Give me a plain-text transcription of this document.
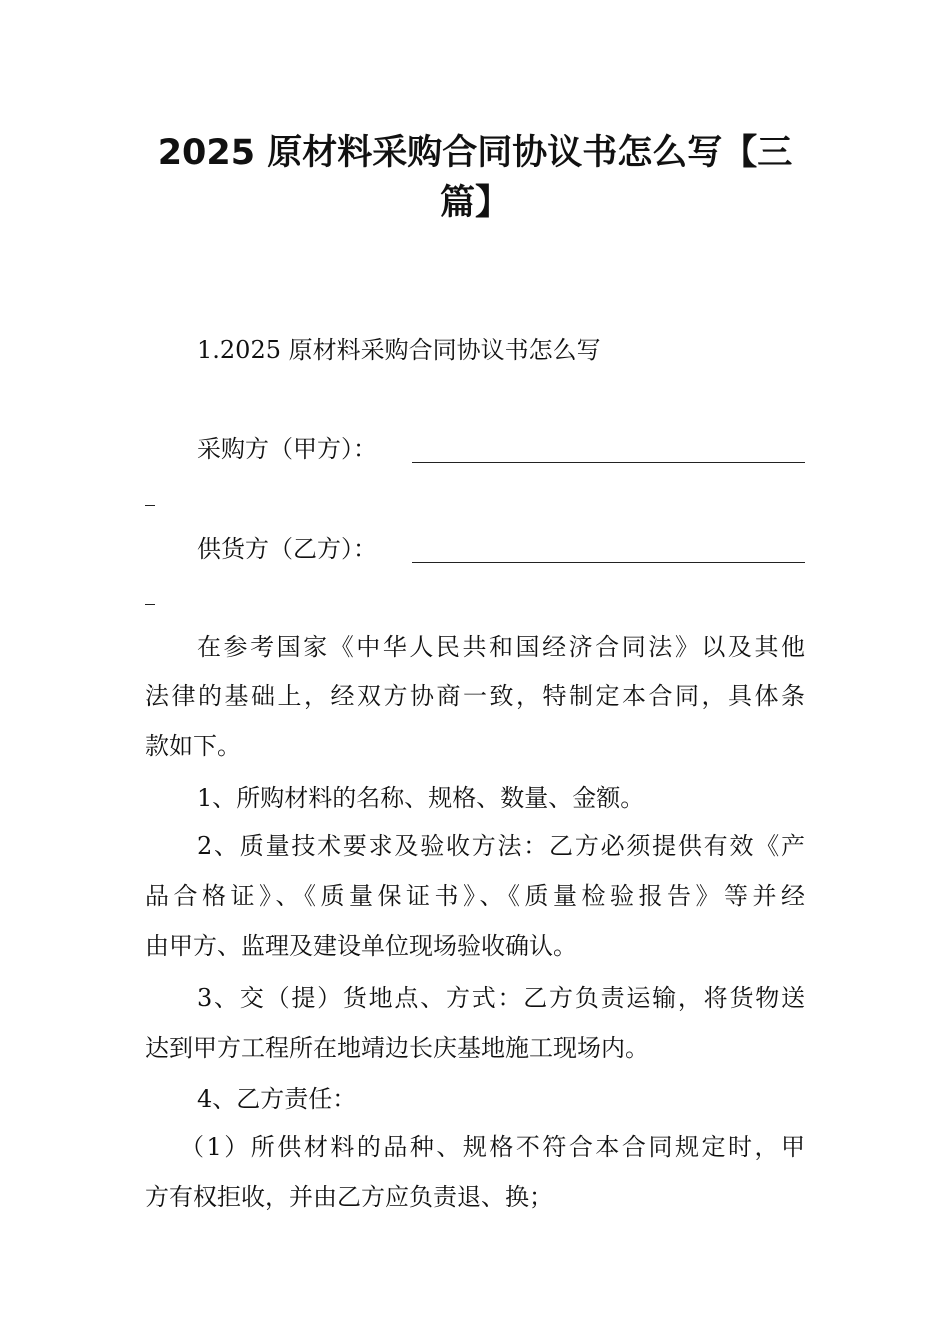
2025 原材料采购合同协议书怎么写【三
篇】
1.2025 原材料采购合同协议书怎么写
采购方（甲方）：
供货方（乙方）：
在参考国家《中华人民共和国经济合同法》以及其他
法律的基础上，经双方协商一致，特制定本合同，具体条
款如下。
1、所购材料的名称、规格、数量、金额。
2、质量技术要求及验收方法：乙方必须提供有效《产
品合格证》、《质量保证书》、《质量检验报告》等并经
由甲方、监理及建设单位现场验收确认。
3、交（提）货地点、方式：乙方负责运输，将货物送
达到甲方工程所在地靖边长庆基地施工现场内。
4、乙方责任：
（1）所供材料的品种、规格不符合本合同规定时，甲
方有权拒收，并由乙方应负责退、换；
